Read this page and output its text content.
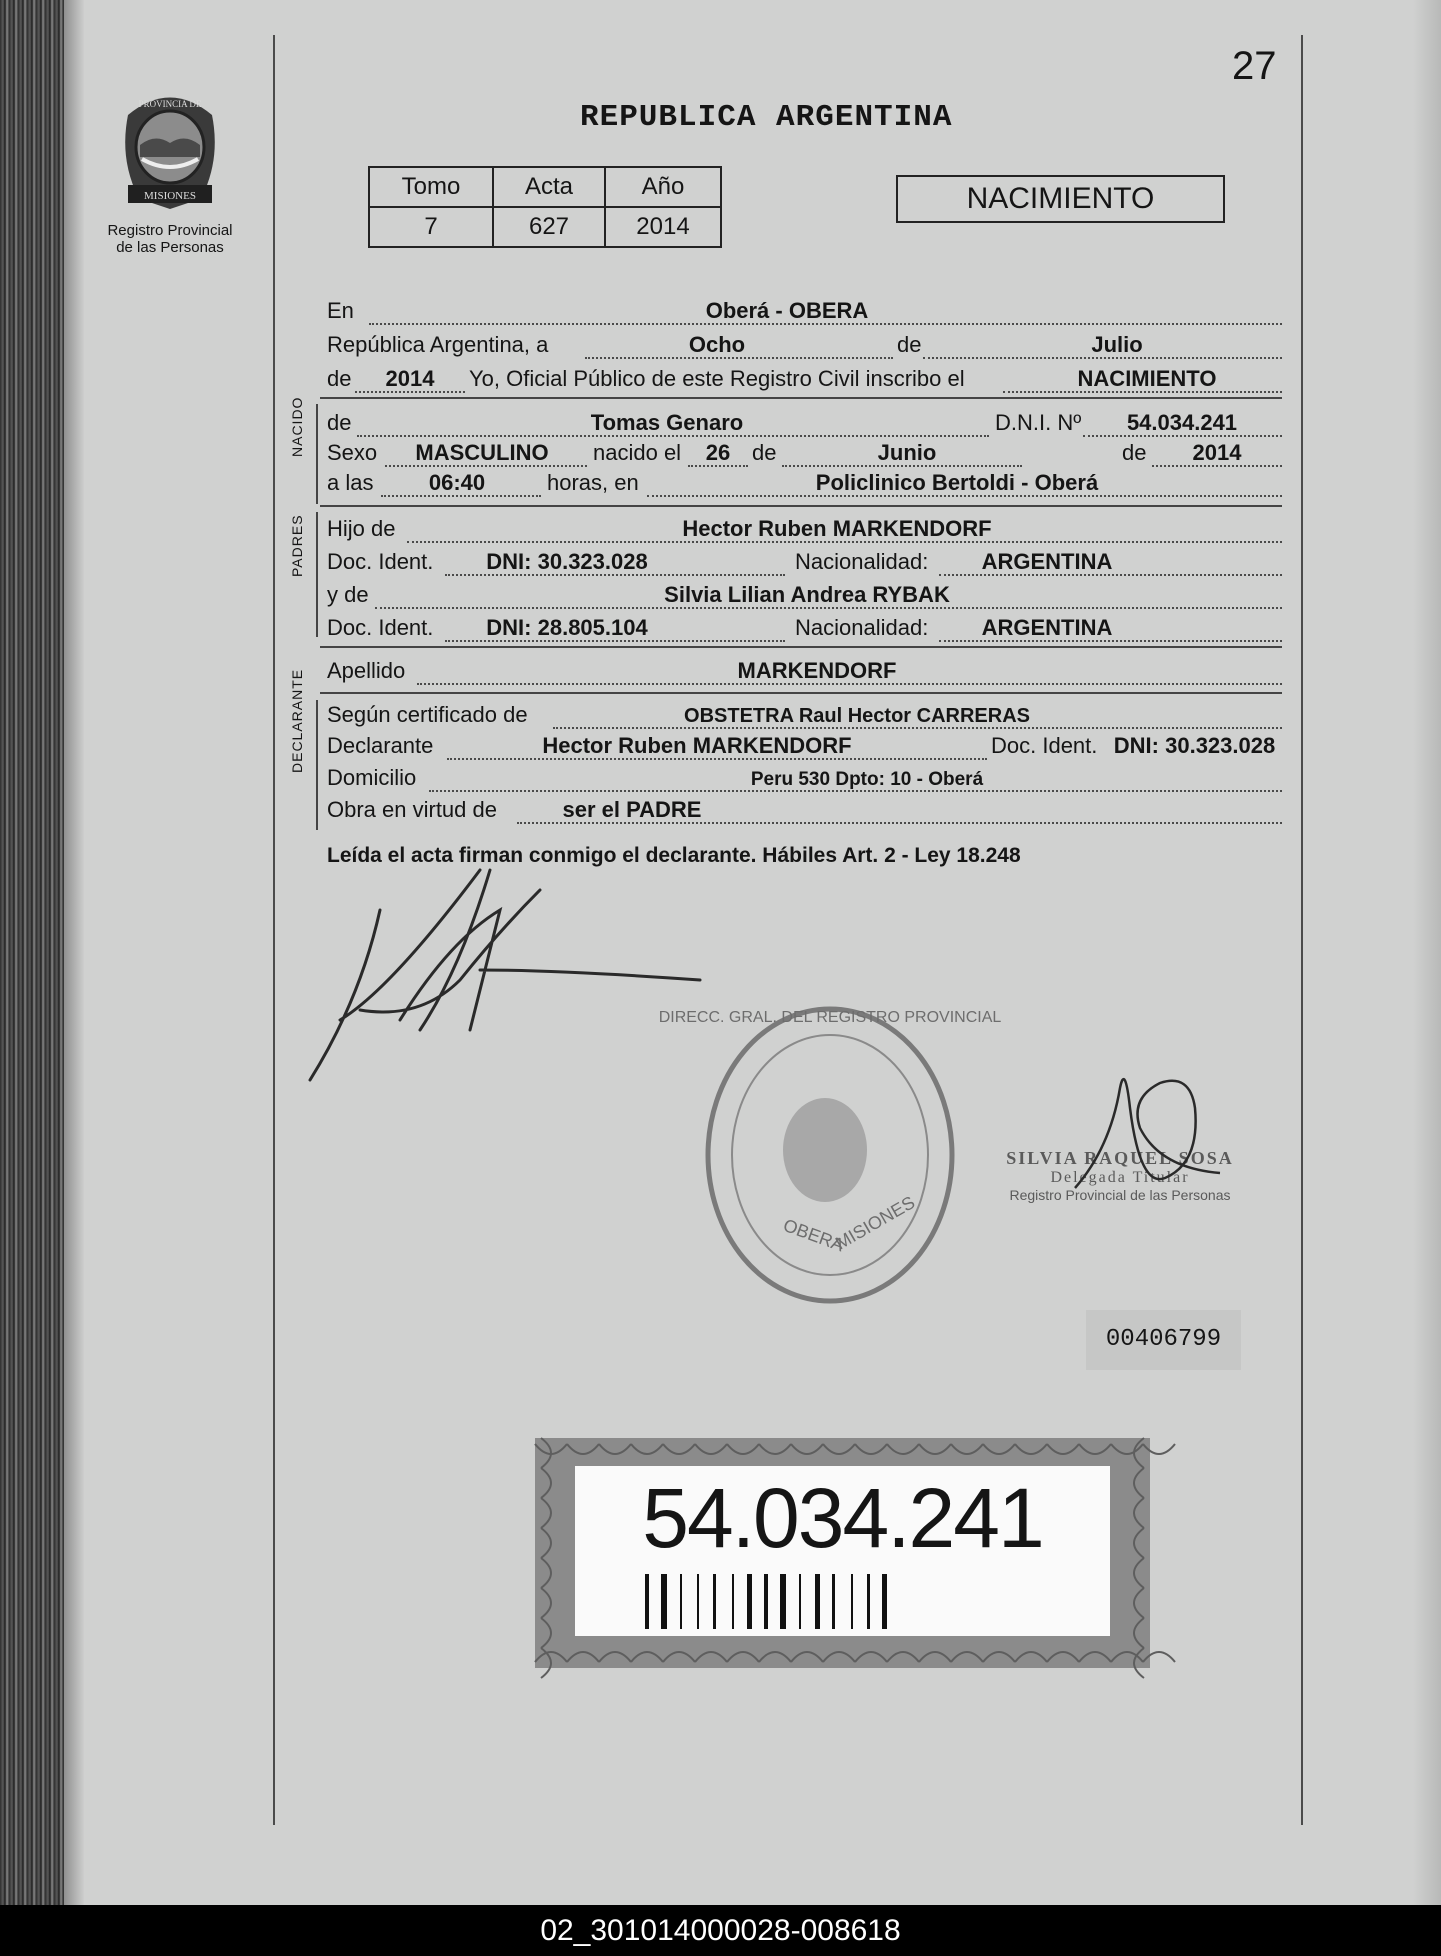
27
MISIONES
PROVINCIA DE
Registro Provincial
de las Personas
REPUBLICA ARGENTINA
Tomo	Acta	Año
7	627	2014
NACIMIENTO
En	Oberá - OBERA
República Argentina, a	Ocho	de	Julio
de	2014	Yo, Oficial Público de este Registro Civil inscribo el	NACIMIENTO
NACIDO de	Tomas Genaro	D.N.I. Nº	54.034.241
Sexo	MASCULINO	nacido el	26 de	Junio	de	2014
a las	06:40	horas, en	Policlinico Bertoldi - Oberá
PADRES Hijo de	Hector Ruben MARKENDORF
Doc. Ident.	DNI: 30.323.028	Nacionalidad:	ARGENTINA
y de	Silvia Lilian Andrea RYBAK
Doc. Ident.	DNI: 28.805.104	Nacionalidad:	ARGENTINA
Apellido	MARKENDORF
DECLARANTE Según certificado de	OBSTETRA Raul Hector CARRERAS
Declarante	Hector Ruben MARKENDORF	Doc. Ident. DNI: 30.323.028
Domicilio	Peru 530 Dpto: 10 - Oberá
Obra en virtud de	ser el PADRE
Leída el acta firman conmigo el declarante. Hábiles Art. 2 - Ley 18.248
DIRECC. GRAL. DEL REGISTRO PROVINCIAL
OBERA
MISIONES
SILVIA RAQUEL SOSA
Delegada Titular
Registro Provincial de las Personas
00406799
54.034.241
02_301014000028-008618
